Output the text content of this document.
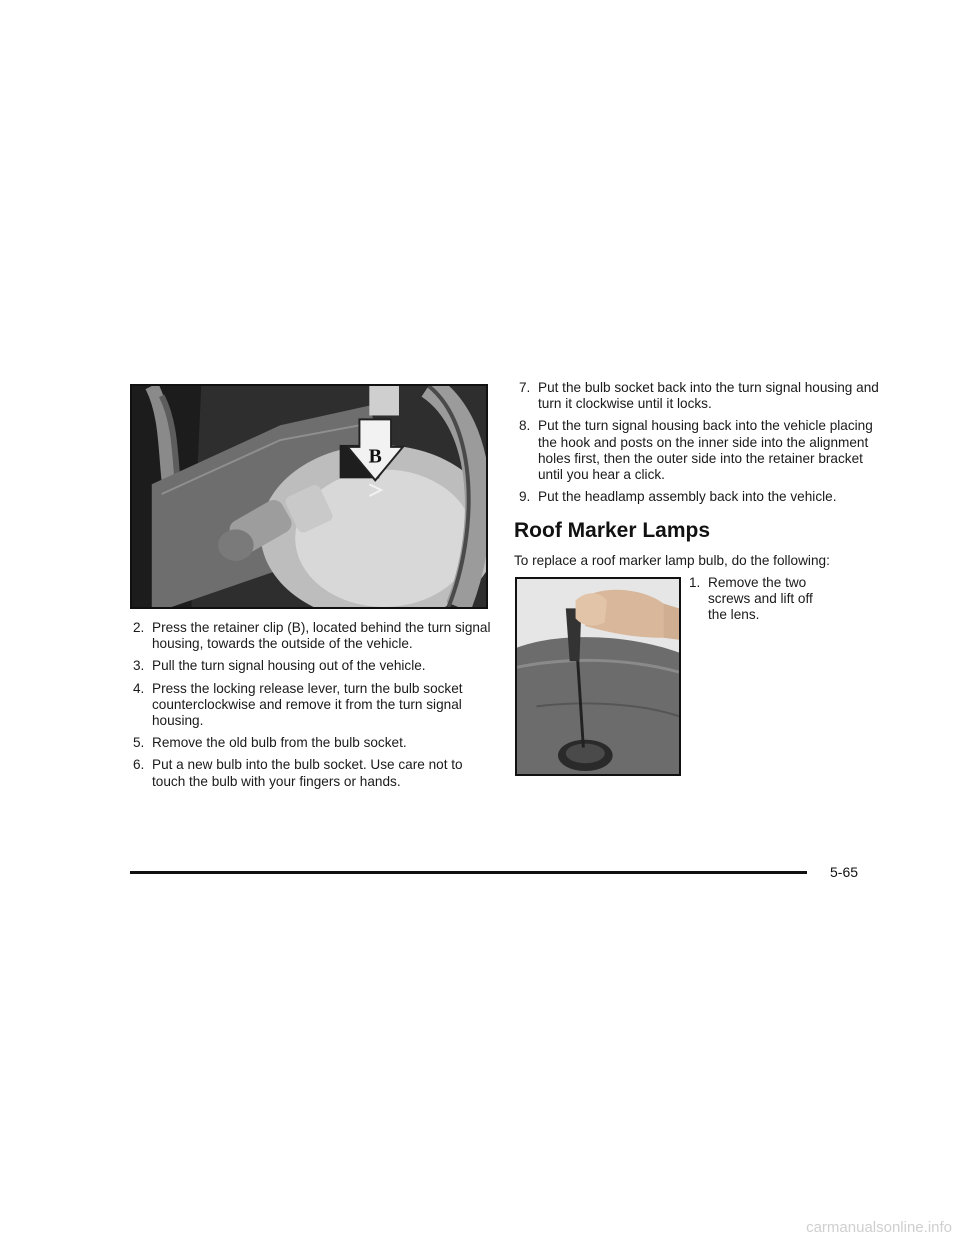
B
2. Press the retainer clip (B), located behind the turn signal housing, towards the outside of the vehicle.
3. Pull the turn signal housing out of the vehicle.
4. Press the locking release lever, turn the bulb socket counterclockwise and remove it from the turn signal housing.
5. Remove the old bulb from the bulb socket.
6. Put a new bulb into the bulb socket. Use care not to touch the bulb with your fingers or hands.
7. Put the bulb socket back into the turn signal housing and turn it clockwise until it locks.
8. Put the turn signal housing back into the vehicle placing the hook and posts on the inner side into the alignment holes first, then the outer side into the retainer bracket until you hear a click.
9. Put the headlamp assembly back into the vehicle.
Roof Marker Lamps

To replace a roof marker lamp bulb, do the following:

1. Remove the two screws and lift off the lens.
5-65
carmanualsonline.info
